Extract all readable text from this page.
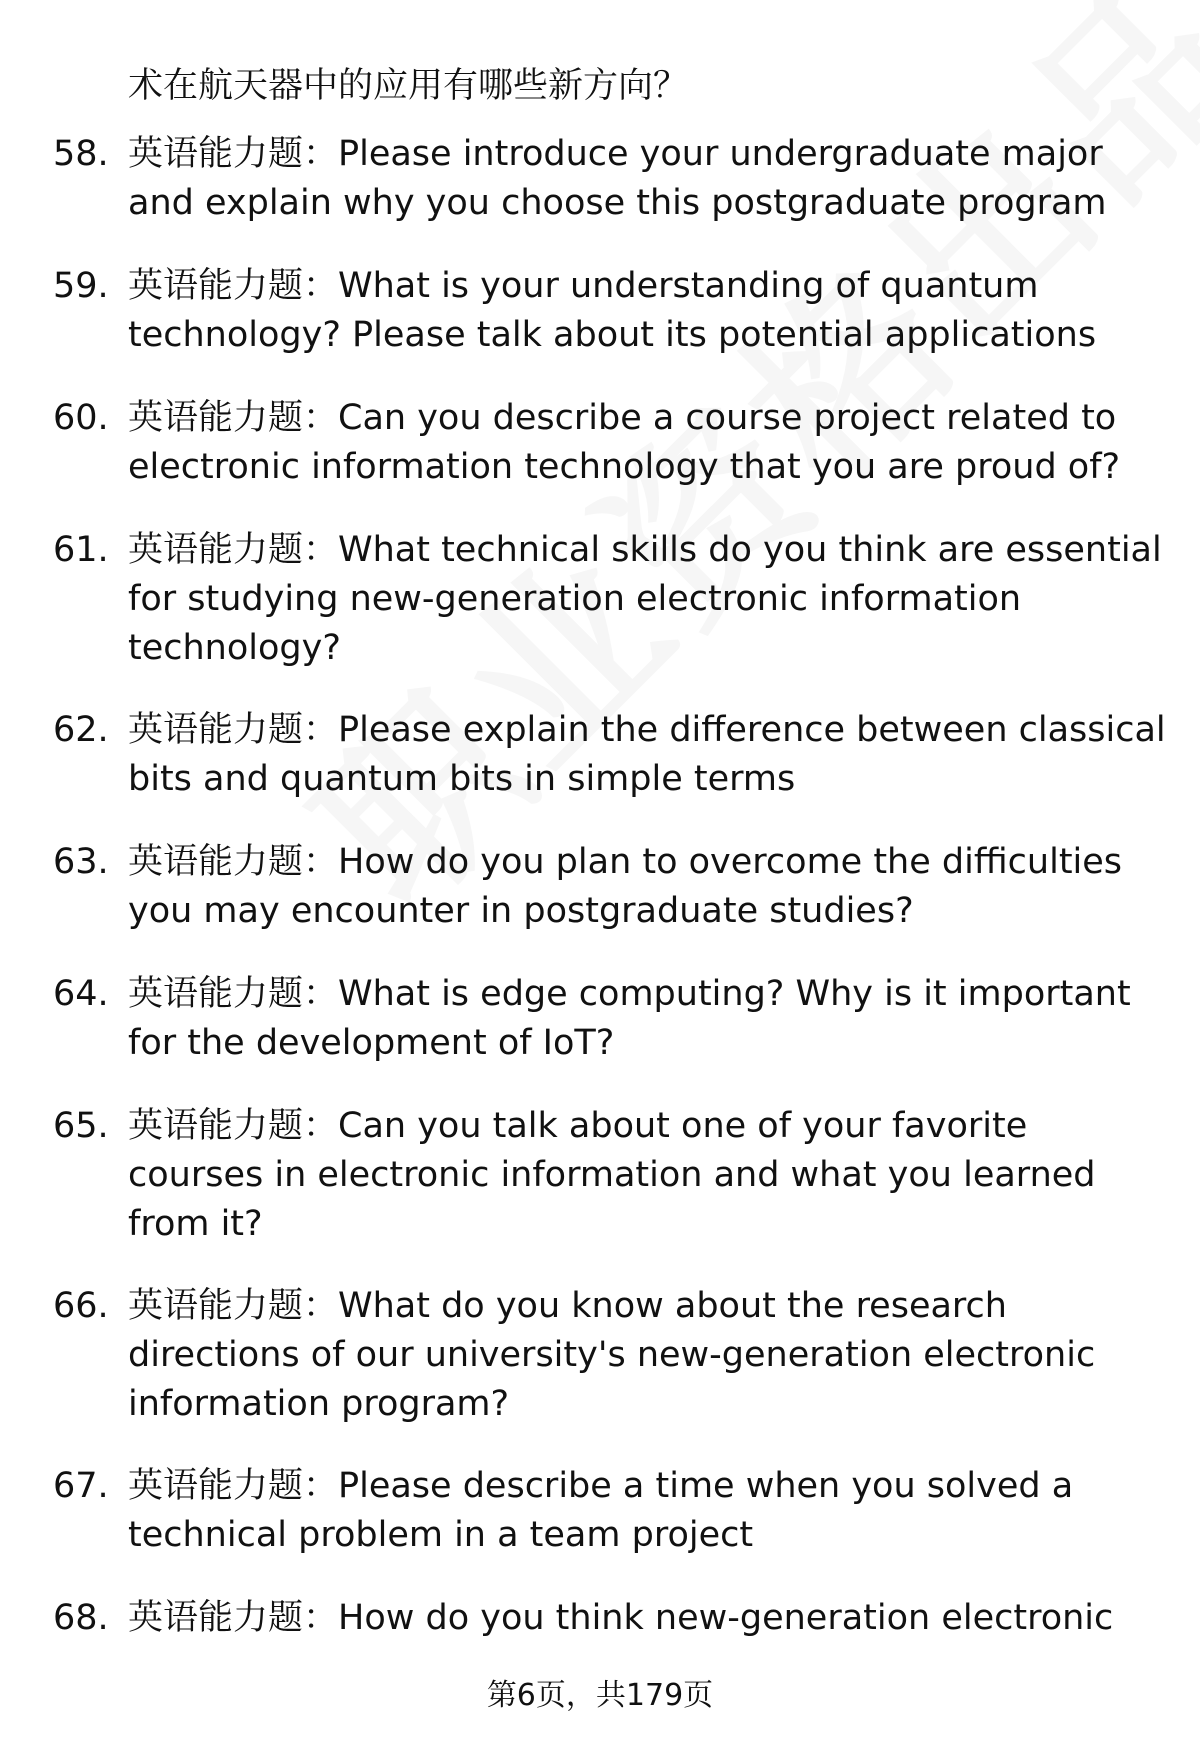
术在航天器中的应用有哪些新方向？
58. 英语能力题：Please introduce your undergraduate major and explain why you choose this postgraduate program
59. 英语能力题：What is your understanding of quantum technology? Please talk about its potential applications
60. 英语能力题：Can you describe a course project related to electronic information technology that you are proud of?
61. 英语能力题：What technical skills do you think are essential for studying new-generation electronic information technology?
62. 英语能力题：Please explain the difference between classical bits and quantum bits in simple terms
63. 英语能力题：How do you plan to overcome the difficulties you may encounter in postgraduate studies?
64. 英语能力题：What is edge computing? Why is it important for the development of IoT?
65. 英语能力题：Can you talk about one of your favorite courses in electronic information and what you learned from it?
66. 英语能力题：What do you know about the research directions of our university's new-generation electronic information program?
67. 英语能力题：Please describe a time when you solved a technical problem in a team project
68. 英语能力题：How do you think new-generation electronic
第6页，共179页
